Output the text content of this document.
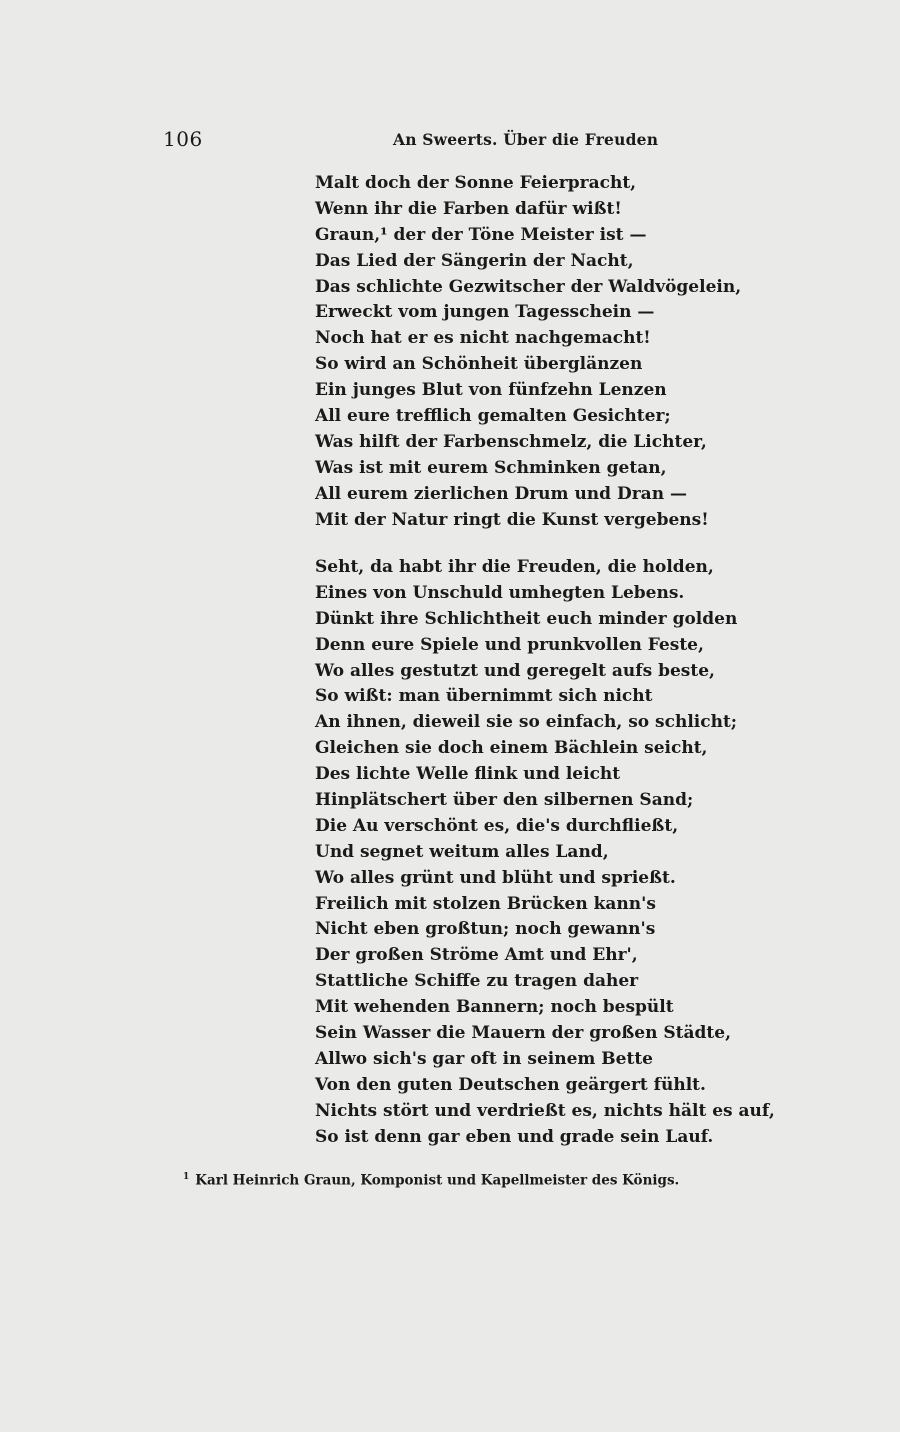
106	An Sweerts. Über die Freuden
Malt doch der Sonne Feierpracht,
Wenn ihr die Farben dafür wißt!
Graun,¹ der der Töne Meister ist —
Das Lied der Sängerin der Nacht,
Das schlichte Gezwitscher der Waldvögelein,
Erweckt vom jungen Tagesschein —
Noch hat er es nicht nachgemacht!
So wird an Schönheit überglänzen
Ein junges Blut von fünfzehn Lenzen
All eure trefflich gemalten Gesichter;
Was hilft der Farbenschmelz, die Lichter,
Was ist mit eurem Schminken getan,
All eurem zierlichen Drum und Dran —
Mit der Natur ringt die Kunst vergebens!
Seht, da habt ihr die Freuden, die holden,
Eines von Unschuld umhegten Lebens.
Dünkt ihre Schlichtheit euch minder golden
Denn eure Spiele und prunkvollen Feste,
Wo alles gestutzt und geregelt aufs beste,
So wißt: man übernimmt sich nicht
An ihnen, dieweil sie so einfach, so schlicht;
Gleichen sie doch einem Bächlein seicht,
Des lichte Welle flink und leicht
Hinplätschert über den silbernen Sand;
Die Au verschönt es, die's durchfließt,
Und segnet weitum alles Land,
Wo alles grünt und blüht und sprießt.
Freilich mit stolzen Brücken kann's
Nicht eben großtun; noch gewann's
Der großen Ströme Amt und Ehr',
Stattliche Schiffe zu tragen daher
Mit wehenden Bannern; noch bespült
Sein Wasser die Mauern der großen Städte,
Allwo sich's gar oft in seinem Bette
Von den guten Deutschen geärgert fühlt.
Nichts stört und verdrießt es, nichts hält es auf,
So ist denn gar eben und grade sein Lauf.
$^1$ Karl Heinrich Graun, Komponist und Kapellmeister des Königs.
